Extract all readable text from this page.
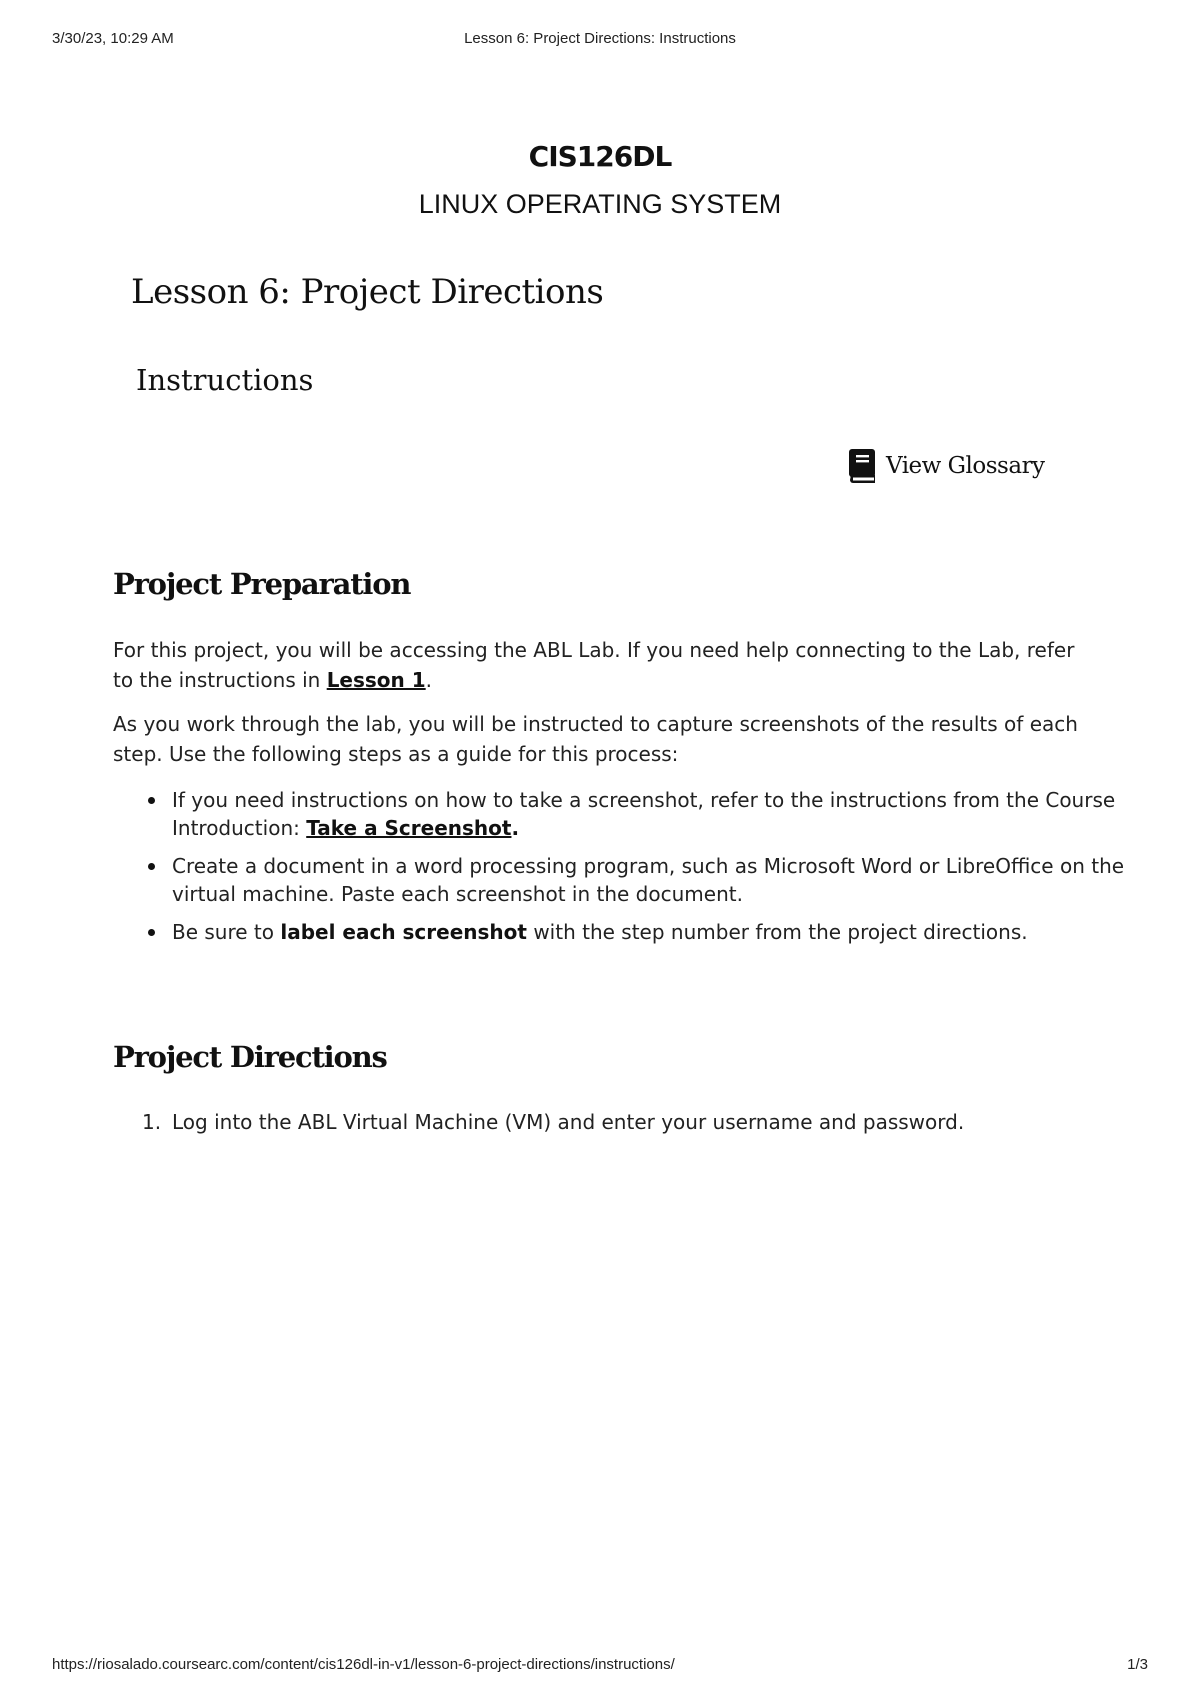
3/30/23, 10:29 AM	Lesson 6: Project Directions: Instructions
CIS126DL
LINUX OPERATING SYSTEM
Lesson 6: Project Directions
Instructions
View Glossary
Project Preparation
For this project, you will be accessing the ABL Lab. If you need help connecting to the Lab, refer to the instructions in Lesson 1.
As you work through the lab, you will be instructed to capture screenshots of the results of each step. Use the following steps as a guide for this process:
If you need instructions on how to take a screenshot, refer to the instructions from the Course Introduction: Take a Screenshot.
Create a document in a word processing program, such as Microsoft Word or LibreOffice on the virtual machine. Paste each screenshot in the document.
Be sure to label each screenshot with the step number from the project directions.
Project Directions
1. Log into the ABL Virtual Machine (VM) and enter your username and password.
https://riosalado.coursearc.com/content/cis126dl-in-v1/lesson-6-project-directions/instructions/	1/3
